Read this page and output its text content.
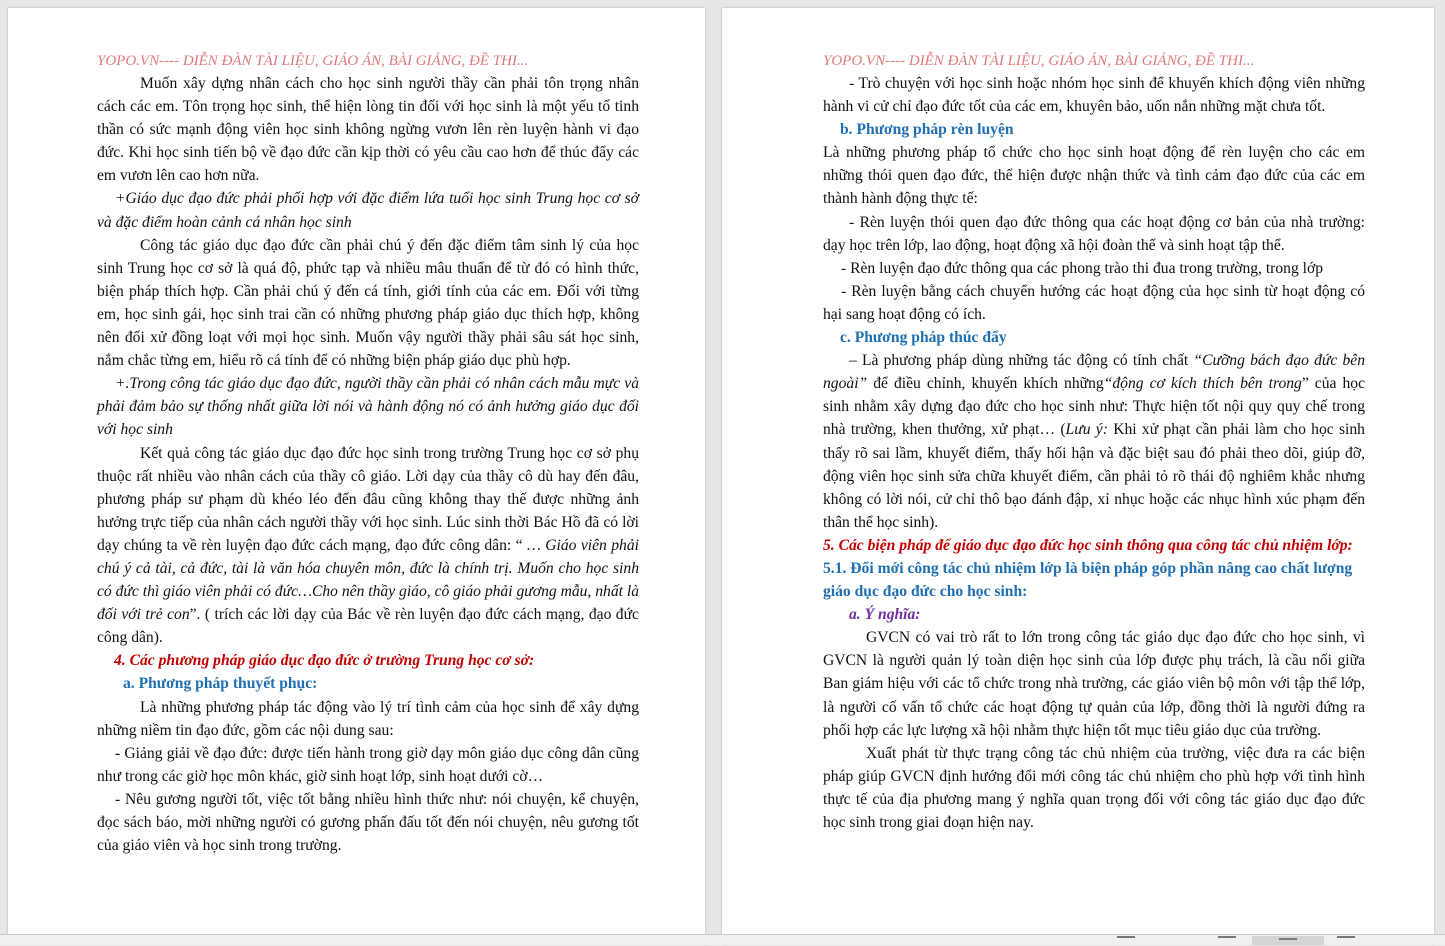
YOPO.VN---- DIỄN ĐÀN TÀI LIỆU, GIÁO ÁN, BÀI GIẢNG, ĐỀ THI...

Muốn xây dựng nhân cách cho học sinh người thầy cần phải tôn trọng nhân cách các em. Tôn trọng học sinh, thể hiện lòng tin đối với học sinh là một yếu tố tinh thần có sức mạnh động viên học sinh không ngừng vươn lên rèn luyện hành vi đạo đức. Khi học sinh tiến bộ về đạo đức cần kịp thời có yêu cầu cao hơn để thúc đẩy các em vươn lên cao hơn nữa.

+Giáo dục đạo đức phải phối hợp với đặc điểm lứa tuổi học sinh Trung học cơ sở và đặc điểm hoàn cảnh cá nhân học sinh

Công tác giáo dục đạo đức cần phải chú ý đến đặc điểm tâm sinh lý của học sinh Trung học cơ sở là quá độ, phức tạp và nhiều mâu thuẩn để từ đó có hình thức, biện pháp thích hợp. Cần phải chú ý đến cá tính, giới tính của các em. Đối với từng em, học sinh gái, học sinh trai cần có những phương pháp giáo dục thích hợp, không nên đối xử đồng loạt với mọi học sinh. Muốn vậy người thầy phải sâu sát học sinh, nắm chắc từng em, hiểu rõ cá tính để có những biện pháp giáo dục phù hợp.

+.Trong công tác giáo dục đạo đức, người thầy cần phải có nhân cách mẫu mực và phải đảm bảo sự thống nhất giữa lời nói và hành động nó có ảnh hưởng giáo dục đối với học sinh

Kết quả công tác giáo dục đạo đức học sinh trong trường Trung học cơ sở phụ thuộc rất nhiều vào nhân cách của thầy cô giáo. Lời dạy của thầy cô dù hay đến đâu, phương pháp sư phạm dù khéo léo đến đâu cũng không thay thế được những ảnh hưởng trực tiếp của nhân cách người thầy với học sinh. Lúc sinh thời Bác Hồ đã có lời dạy chúng ta về rèn luyện đạo đức cách mạng, đạo đức công dân: “ … Giáo viên phải chú ý cả tài, cả đức, tài là văn hóa chuyên môn, đức là chính trị. Muốn cho học sinh có đức thì giáo viên phải có đức…Cho nên thầy giáo, cô giáo phải gương mẫu, nhất là đối với trẻ con”. ( trích các lời dạy của Bác về rèn luyện đạo đức cách mạng, đạo đức công dân).

4. Các phương pháp giáo dục đạo đức ở trường Trung học cơ sở:
a. Phương pháp thuyết phục:

Là những phương pháp tác động vào lý trí tình cảm của học sinh để xây dựng những niềm tin đạo đức, gồm các nội dung sau:

- Giảng giải về đạo đức: được tiến hành trong giờ dạy môn giáo dục công dân cũng như trong các giờ học môn khác, giờ sinh hoạt lớp, sinh hoạt dưới cờ…

- Nêu gương người tốt, việc tốt bằng nhiều hình thức như: nói chuyện, kể chuyện, đọc sách báo, mời những người có gương phấn đấu tốt đến nói chuyện, nêu gương tốt của giáo viên và học sinh trong trường.

YOPO.VN---- DIỄN ĐÀN TÀI LIỆU, GIÁO ÁN, BÀI GIẢNG, ĐỀ THI...

- Trò chuyện với học sinh hoặc nhóm học sinh để khuyến khích động viên những hành vi cử chỉ đạo đức tốt của các em, khuyên bảo, uốn nắn những mặt chưa tốt.

b. Phương pháp rèn luyện

Là những phương pháp tổ chức cho học sinh hoạt động để rèn luyện cho các em những thói quen đạo đức, thể hiện được nhận thức và tình cảm đạo đức của các em thành hành động thực tế:

- Rèn luyện thói quen đạo đức thông qua các hoạt động cơ bản của nhà trường: dạy học trên lớp, lao động, hoạt động xã hội đoàn thể và sinh hoạt tập thể.

- Rèn luyện đạo đức thông qua các phong trào thi đua trong trường, trong lớp

- Rèn luyện bằng cách chuyển hướng các hoạt động của học sinh từ hoạt động có hại sang hoạt động có ích.

c. Phương pháp thúc đẩy

– Là phương pháp dùng những tác động có tính chất “Cưỡng bách đạo đức bên ngoài” để điều chỉnh, khuyến khích những“động cơ kích thích bên trong” của học sinh nhằm xây dựng đạo đức cho học sinh như: Thực hiện tốt nội quy quy chế trong nhà trường, khen thưởng, xử phạt… (Lưu ý: Khi xử phạt cần phải làm cho học sinh thấy rõ sai lầm, khuyết điểm, thấy hối hận và đặc biệt sau đó phải theo dõi, giúp đỡ, động viên học sinh sửa chữa khuyết điểm, cần phải tỏ rõ thái độ nghiêm khắc nhưng không có lời nói, cử chỉ thô bạo đánh đập, xỉ nhục hoặc các nhục hình xúc phạm đến thân thể học sinh).

5. Các biện pháp để giáo dục đạo đức học sinh thông qua công tác chủ nhiệm lớp:
5.1. Đổi mới công tác chủ nhiệm lớp là biện pháp góp phần nâng cao chất lượng giáo dục đạo đức cho học sinh:
a. Ý nghĩa:

GVCN có vai trò rất to lớn trong công tác giáo dục đạo đức cho học sinh, vì GVCN là người quản lý toàn diện học sinh của lớp được phụ trách, là cầu nối giữa Ban giám hiệu với các tổ chức trong nhà trường, các giáo viên bộ môn với tập thể lớp, là người cố vấn tổ chức các hoạt động tự quản của lớp, đồng thời là người đứng ra phối hợp các lực lượng xã hội nhằm thực hiện tốt mục tiêu giáo dục của trường.

Xuất phát từ thực trạng công tác chủ nhiệm của trường, việc đưa ra các biện pháp giúp GVCN định hướng đổi mới công tác chủ nhiệm cho phù hợp với tình hình thực tế của địa phương mang ý nghĩa quan trọng đối với công tác giáo dục đạo đức học sinh trong giai đoạn hiện nay.
